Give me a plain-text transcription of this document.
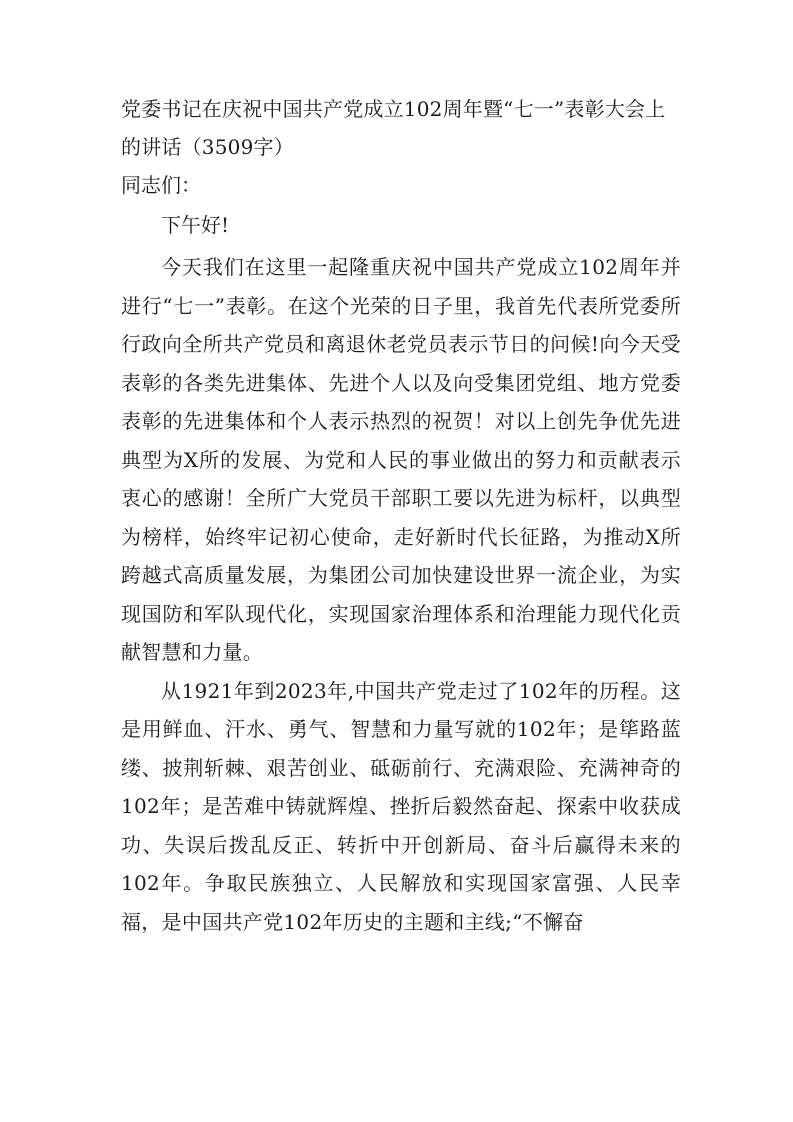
党委书记在庆祝中国共产党成立102周年暨“七一”表彰大会上的讲话（3509字）

同志们：

下午好!

今天我们在这里一起隆重庆祝中国共产党成立102周年并进行“七一”表彰。在这个光荣的日子里，我首先代表所党委所行政向全所共产党员和离退休老党员表示节日的问候!向今天受表彰的各类先进集体、先进个人以及向受集团党组、地方党委表彰的先进集体和个人表示热烈的祝贺！对以上创先争优先进典型为X所的发展、为党和人民的事业做出的努力和贡献表示衷心的感谢！全所广大党员干部职工要以先进为标杆，以典型为榜样，始终牢记初心使命，走好新时代长征路，为推动X所跨越式高质量发展，为集团公司加快建设世界一流企业，为实现国防和军队现代化，实现国家治理体系和治理能力现代化贡献智慧和力量。

从1921年到2023年,中国共产党走过了102年的历程。这是用鲜血、汗水、勇气、智慧和力量写就的102年；是筚路蓝缕、披荆斩棘、艰苦创业、砥砺前行、充满艰险、充满神奇的102年；是苦难中铸就辉煌、挫折后毅然奋起、探索中收获成功、失误后拨乱反正、转折中开创新局、奋斗后赢得未来的102年。争取民族独立、人民解放和实现国家富强、人民幸福，是中国共产党102年历史的主题和主线;“不懈奋
